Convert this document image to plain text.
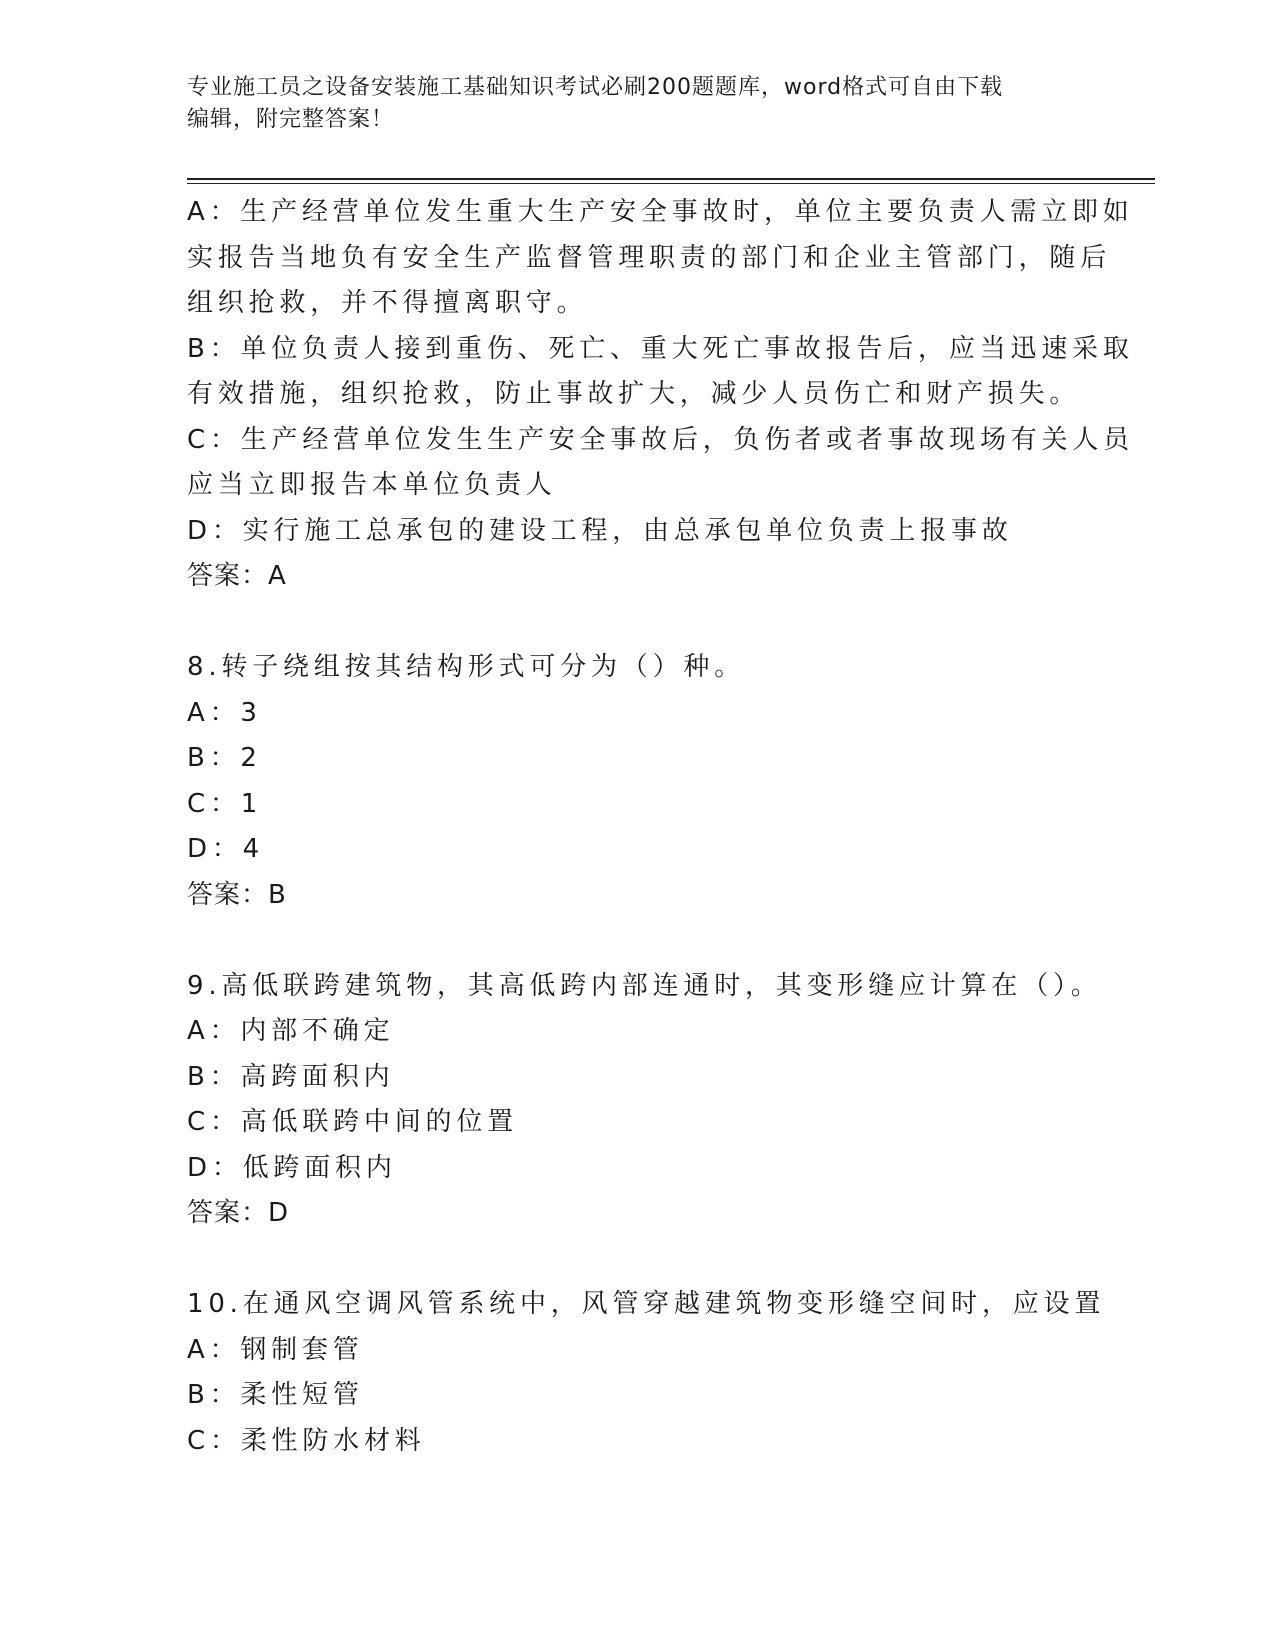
专业施工员之设备安装施工基础知识考试必刷200题题库，word格式可自由下载
编辑，附完整答案！
A：生产经营单位发生重大生产安全事故时，单位主要负责人需立即如
实报告当地负有安全生产监督管理职责的部门和企业主管部门，随后
组织抢救，并不得擅离职守。
B：单位负责人接到重伤、死亡、重大死亡事故报告后，应当迅速采取
有效措施，组织抢救，防止事故扩大，减少人员伤亡和财产损失。
C：生产经营单位发生生产安全事故后，负伤者或者事故现场有关人员
应当立即报告本单位负责人
D：实行施工总承包的建设工程，由总承包单位负责上报事故
答案：A
8.转子绕组按其结构形式可分为（）种。
A：3
B：2
C：1
D：4
答案：B
9.高低联跨建筑物，其高低跨内部连通时，其变形缝应计算在（）。
A：内部不确定
B：高跨面积内
C：高低联跨中间的位置
D：低跨面积内
答案：D
10.在通风空调风管系统中，风管穿越建筑物变形缝空间时，应设置
A：钢制套管
B：柔性短管
C：柔性防水材料
